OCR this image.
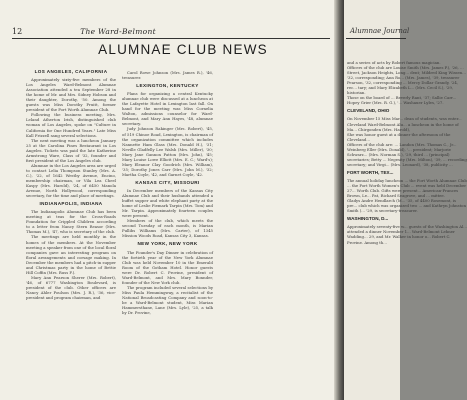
12	The Ward-Belmont
ALUMNAE CLUB NEWS
LOS ANGELES, CALIFORNIA

Approximately sixty-five members of the Los Angeles Ward-Belmont Alumnae Association attended a tea September 28 in the home of Mr. and Mrs. Sidney Hobson and their daughter, Dorothy, '50. Among the guests was Miss Dorothy Pruitt, former president of the Fort Worth Alumnae Club.

Following the business meeting, Mrs. Leland Atherton Irish, distinguished club woman of Los Angeles, spoke on "Culture in California for One Hundred Years." Late Miss Kall Frizzell sang several selections.

The next meeting was a luncheon January 25 at the Carolina Pines Restaurant in Los Angeles. Tickets was paid the late Katherine Armstrong Ware, Class of '32, founder and first president of the Los Angeles club.

Alumnae in the Los Angeles area are urged to contact Lelia Thompson Stanley (Mrs. A. C.), '22, of 1642 Westby Avenue, Encino, membership chairman, or Vila Lea Cheel Kaspy (Mrs. Harold), '24, of 6450 Manola Avenue, North Hollywood, corresponding secretary, for the time and place of meetings.

INDIANAPOLIS, INDIANA

The Indianapolis Alumnae Club has been meeting at teas for the Cross-Roads Foundation for Crippled Children according to a letter from Nancy Stern Reasor (Mrs. Thomas M.), '47, who is secretary of the club.

The meetings are held monthly in the homes of the members. At the November meeting a speaker from one of the local floral companies gave an interesting program on floral arrangements and corsage making. In December the members had a pitch-in supper and Christmas party in the home of Bettie Hill Coffin (Mrs. Russ F.).

Mary Ann Pearson Sherer (Mrs. Robert), '46, of 6777 Washington Boulevard, is president of the club. Other officers are Nancy Ahler Poulson (Mrs. J. R.), '36, vice-president and program chairman, and

Carol Rowe Johnson (Mrs. James R.), '46, treasurer.

LEXINGTON, KENTUCKY

Plans for organizing a central Kentucky alumnae club were discussed at a luncheon at the Lafayette Hotel in Lexington last fall. On hand for the meeting was Miss Cornelia Walton, admissions counselor for Ward-Belmont, and Mary Ann Hayes, '48, alumnae secretary.

Judy Johnson Rakinger (Mrs. Robert), '45, of 519 Chinoe Road, Lexington, is chairman of the organization committee which includes Nannette Ham Glass (Mrs. Donald H.), '31; Neville Gladfelly Lee Walsh (Mrs. Miller), '30; Mary Jane Gannon Patton (Mrs. John), '45; Mary Louise Lowe Elliott (Mrs. E. C.; Ward's); Mary Eleanor Clay Goodrich (Mrs. William), '35; Dorothy Jones Carr (Mrs. John M.), '32; Martha Coyle, '42, and Garnet Coyle, '42.

KANSAS CITY, MISSOURI

In December members of the Kansas City Alumnae Club and their husbands attended a buffet supper and white elephant party at the home of Leslie Fiemark Tarpin (Mrs. Tom) and Mr. Tarpin. Approximately fourteen couples were present.

Members of the club, which meets the second Tuesday of each month, is Marian Pullibs Williams (Mrs. Carter), of 1345 Mission Woods Road, Kansas City 3, Kansas.

NEW YORK, NEW YORK

The Founder's Day Dinner in celebration of the fortieth year of the New York Alumnae Club was held November 10 in the Emerald Room of the Gotham Hotel. Honor guests were Dr. Robert C. Provine, president of Ward-Belmont, and Mrs. Mary Bonnder, founder of the New York club.

The program included several selections by Miss Paula Hemmingway, a recitalist of the National Broadcasting Company and soon-to-be a Ward-Belmont student, Miss Marian Hammersthane, Lane (Mrs. Lyle), '25, a talk by Dr. Provine,

Alumnae Journal

and a series of acts by Robert famous magician.

Officers of the club are Louise Smith (Mrs. James P.), '26, ... Street, Jackson Heights, Long... dent; Mildred King Wissen... '32, corresponding; Ann Ro... (Mrs. James), '39, treasurer Pearson, '32, corresponding ... Mercy Dollar Grandy, '24, rec... tary; and Mary Elizabeth L... (Mrs. Cecil S.), '29, historian.

Those on the board of ... Beverly Rant, '37; Sallie Carr... Hopey Grier (Mrs. R. G.), '... Washauer Lyles, '27.

CLEVELAND, OHIO

On November 15 Miss Mar... dean of students, was enter... Cleveland Ward-Belmont Alu... a luncheon in the home of Ma... Chirgonden (Mrs. Harold),

She was honor guest at a dinner the afternoon of the Cleveland...

Officers of the club are: ... Landon (Mrs. Thomas C., Jr... Weinberg Eller (Mrs. Donald), '... president; Marjorie Schwarz... (Mrs. Norman S.), '29, third ... (principal) secretaries; Betty ... Negesity (Mrs. Milton), '39, ... recording secretary; and Virgi... (Mrs. Leonard), '38, publicity ...

FORT WORTH, TEX...

The annual holiday luncheon ... the Fort Worth Alumnae Club ... the Fort Worth Women's Club ... event was held December 27... Worth Club. Gifts were present... American-Frances Brown, Le... Pat, Richard Seagrove, and ... mittee.

Gladys Andre Hendlarch (M... '35, of 4400 Rosemont, is pre... club which was organized two ... and Kathryn Johnston Smith (... '29, is secretary-treasurer.

WASHINGTON, D...

Approximately seventy-five w... guests of the Washington Al... attended a dinner November 1... Ward-Belmont Lehner Wadding... 29, and Mr. Walker in honor o... Robert C. Provine. Among th...
